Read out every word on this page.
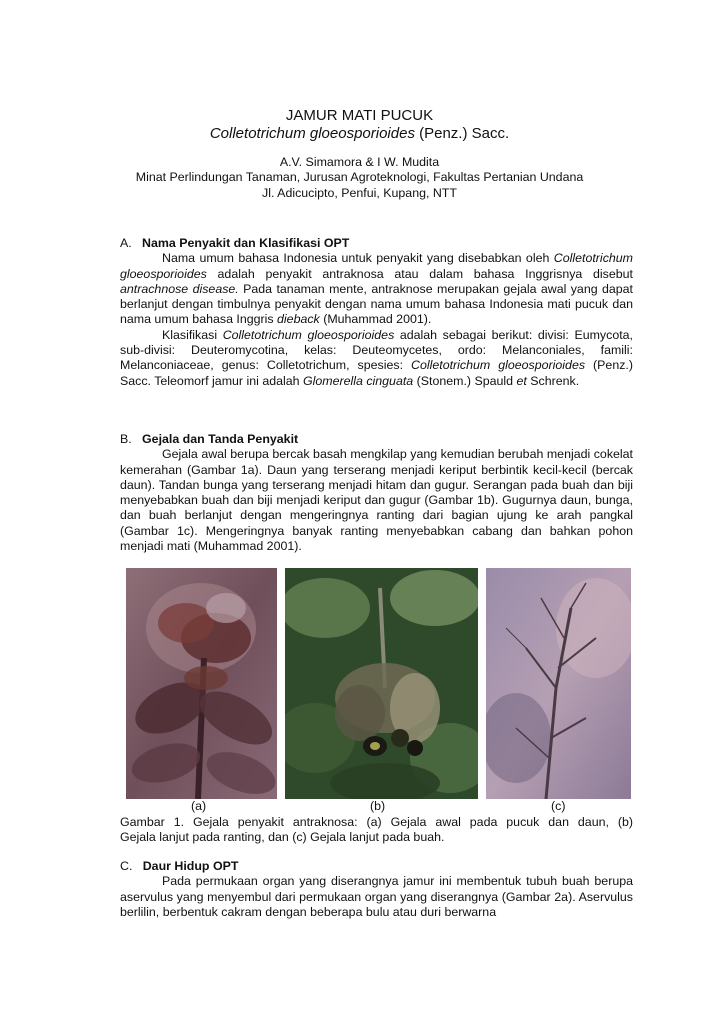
JAMUR MATI PUCUK
Colletotrichum gloeosporioides (Penz.) Sacc.
A.V. Simamora & I W. Mudita
Minat Perlindungan Tanaman, Jurusan Agroteknologi, Fakultas Pertanian Undana
Jl. Adicucipto, Penfui, Kupang, NTT
A. Nama Penyakit dan Klasifikasi OPT

Nama umum bahasa Indonesia untuk penyakit yang disebabkan oleh Colletotrichum gloeosporioides adalah penyakit antraknosa atau dalam bahasa Inggrisnya disebut antrachnose disease. Pada tanaman mente, antraknose merupakan gejala awal yang dapat berlanjut dengan timbulnya penyakit dengan nama umum bahasa Indonesia mati pucuk dan nama umum bahasa Inggris dieback (Muhammad 2001).

Klasifikasi Colletotrichum gloeosporioides adalah sebagai berikut: divisi: Eumycota, sub-divisi: Deuteromycotina, kelas: Deuteomycetes, ordo: Melanconiales, famili: Melanconiaceae, genus: Colletotrichum, spesies: Colletotrichum gloeosporioides (Penz.) Sacc. Teleomorf jamur ini adalah Glomerella cinguata (Stonem.) Spauld et Schrenk.

B. Gejala dan Tanda Penyakit

Gejala awal berupa bercak basah mengkilap yang kemudian berubah menjadi cokelat kemerahan (Gambar 1a). Daun yang terserang menjadi keriput berbintik kecil-kecil (bercak daun). Tandan bunga yang terserang menjadi hitam dan gugur. Serangan pada buah dan biji menyebabkan buah dan biji menjadi keriput dan gugur (Gambar 1b). Gugurnya daun, bunga, dan buah berlanjut dengan mengeringnya ranting dari bagian ujung ke arah pangkal (Gambar 1c). Mengeringnya banyak ranting menyebabkan cabang dan bahkan pohon menjadi mati (Muhammad 2001).

(a)	(b)	(c)
Gambar 1. Gejala penyakit antraknosa: (a) Gejala awal pada pucuk dan daun, (b)
Gejala lanjut pada ranting, dan (c) Gejala lanjut pada buah.
C. Daur Hidup OPT

Pada permukaan organ yang diserangnya jamur ini membentuk tubuh buah berupa aservulus yang menyembul dari permukaan organ yang diserangnya (Gambar 2a). Aservulus berlilin, berbentuk cakram dengan beberapa bulu atau duri berwarna
